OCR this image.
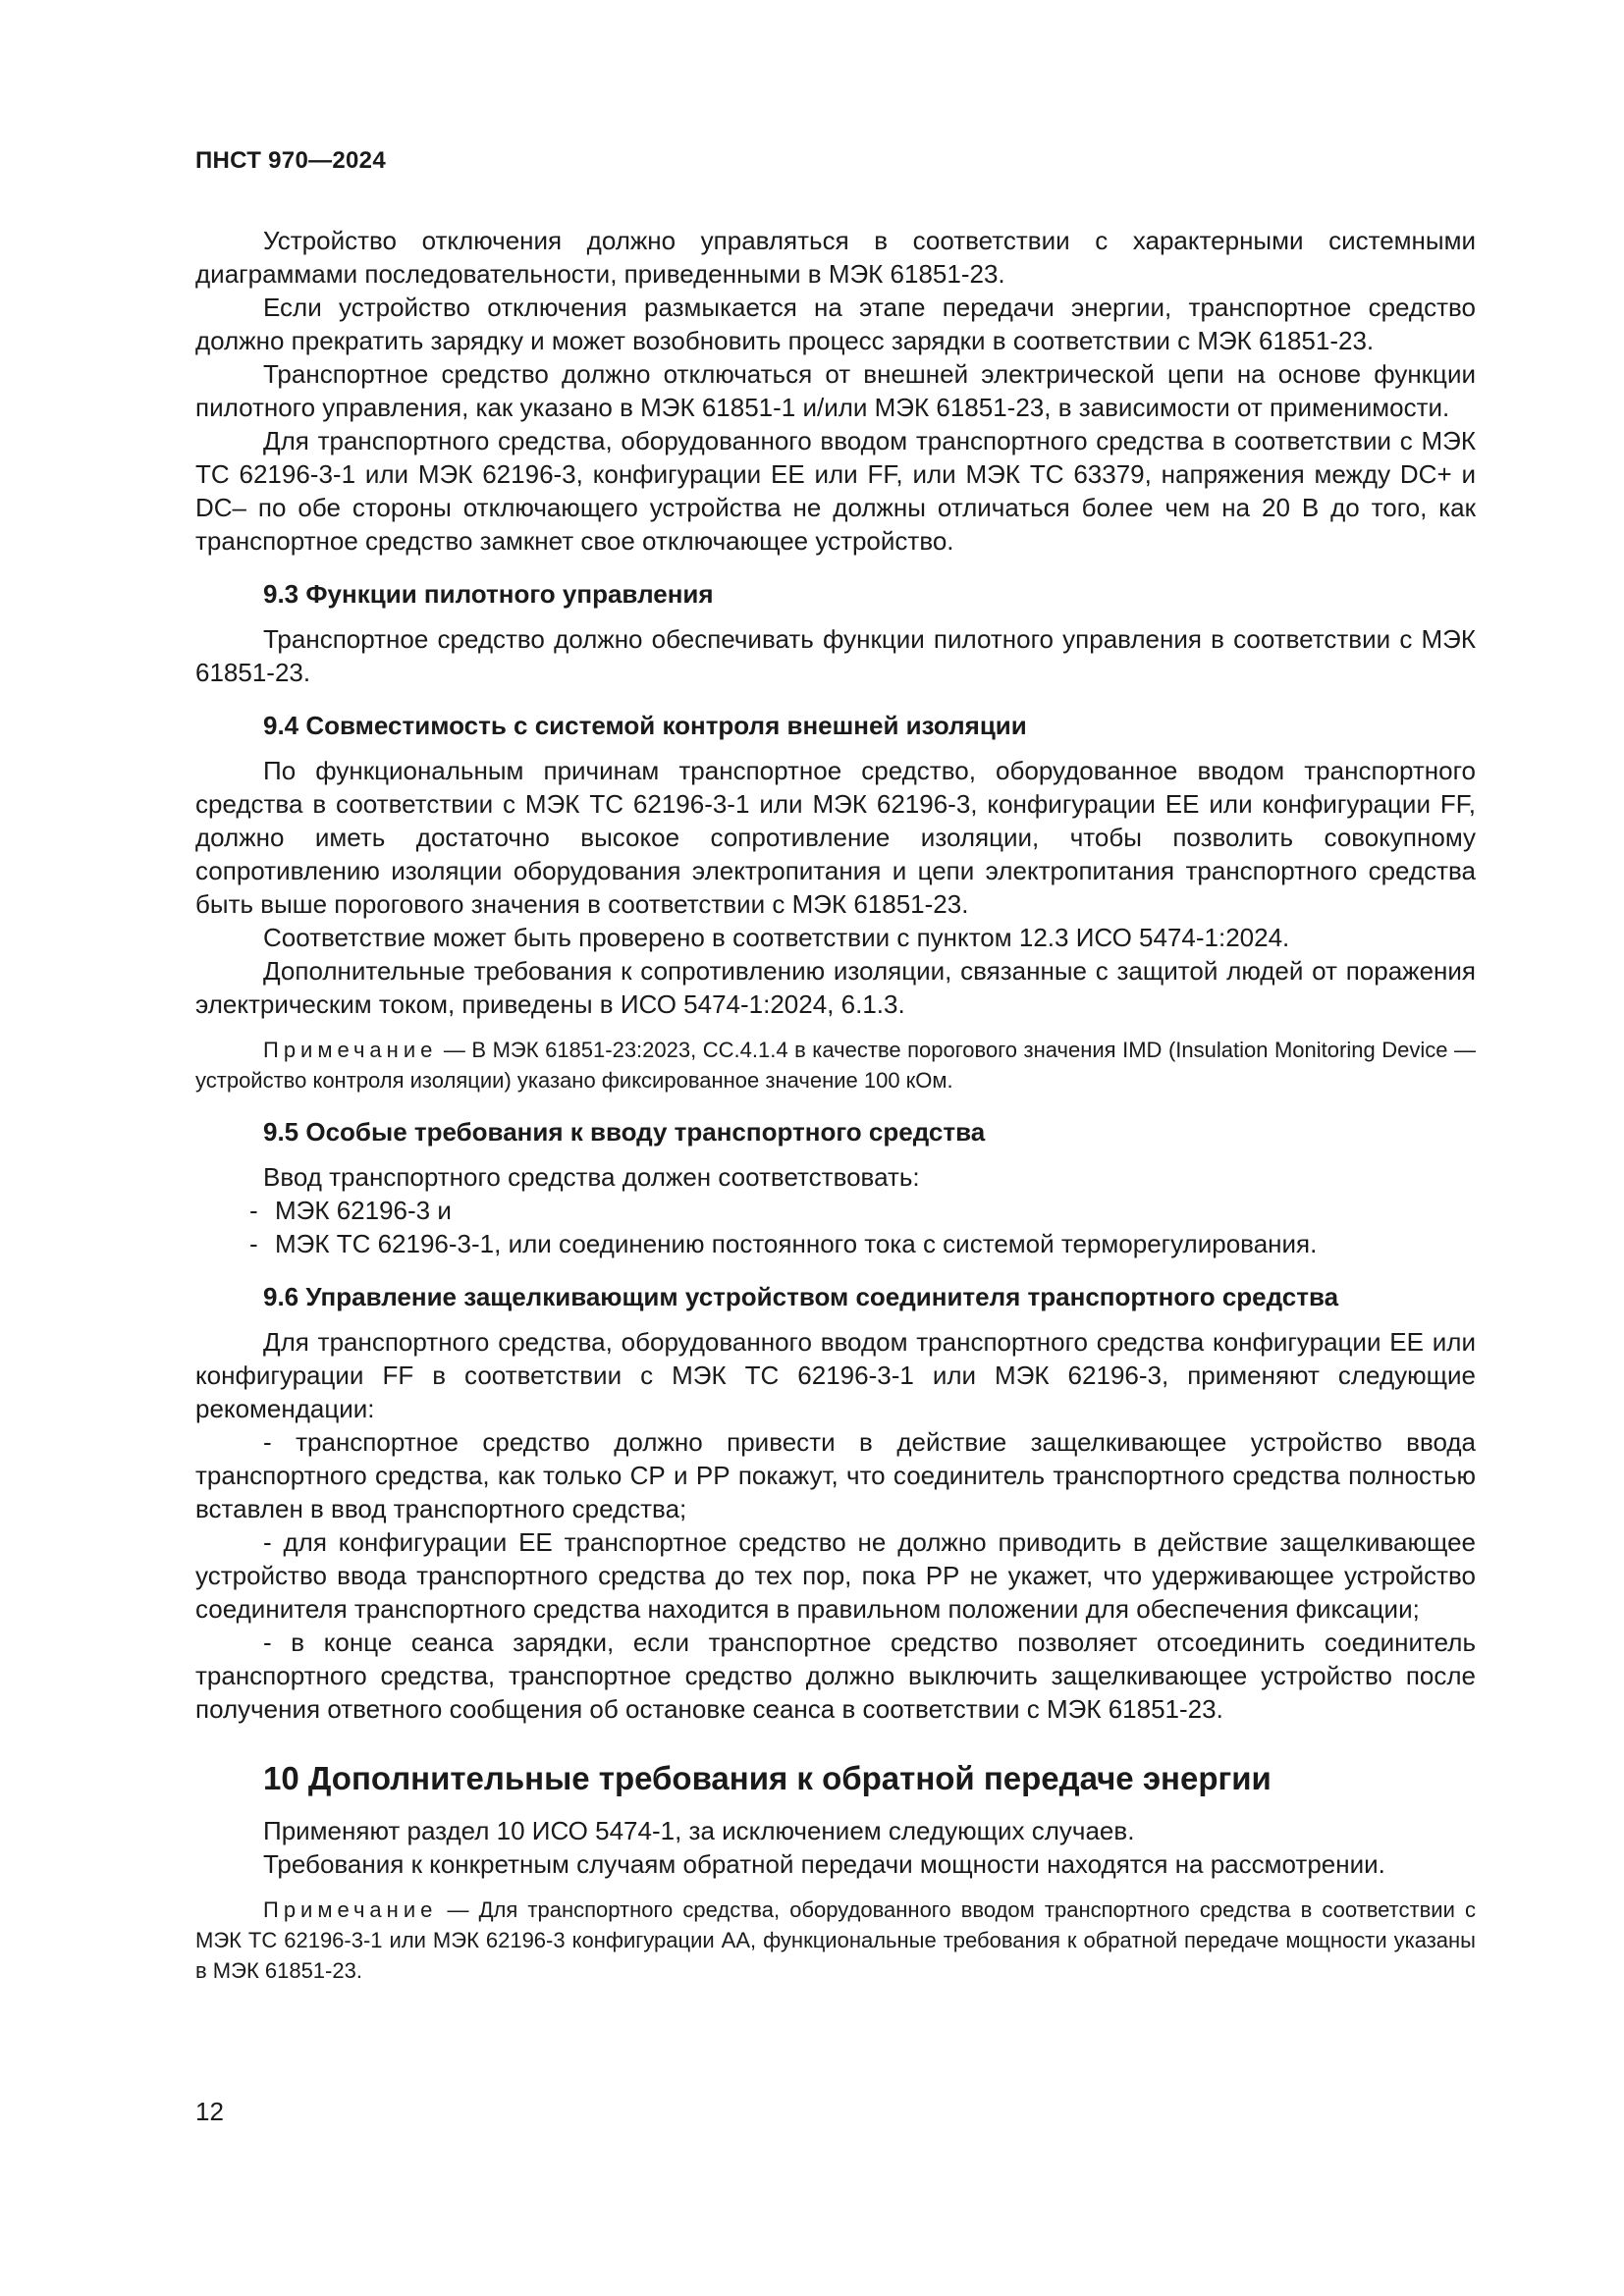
ПНСТ 970—2024

Устройство отключения должно управляться в соответствии с характерными системными диаграммами последовательности, приведенными в МЭК 61851-23.

Если устройство отключения размыкается на этапе передачи энергии, транспортное средство должно прекратить зарядку и может возобновить процесс зарядки в соответствии с МЭК 61851-23.

Транспортное средство должно отключаться от внешней электрической цепи на основе функции пилотного управления, как указано в МЭК 61851-1 и/или МЭК 61851-23, в зависимости от применимости.

Для транспортного средства, оборудованного вводом транспортного средства в соответствии с МЭК ТС 62196-3-1 или МЭК 62196-3, конфигурации ЕЕ или FF, или МЭК ТС 63379, напряжения между DC+ и DC– по обе стороны отключающего устройства не должны отличаться более чем на 20 В до того, как транспортное средство замкнет свое отключающее устройство.

9.3 Функции пилотного управления

Транспортное средство должно обеспечивать функции пилотного управления в соответствии с МЭК 61851-23.

9.4 Совместимость с системой контроля внешней изоляции

По функциональным причинам транспортное средство, оборудованное вводом транспортного средства в соответствии с МЭК ТС 62196-3-1 или МЭК 62196-3, конфигурации ЕЕ или конфигурации FF, должно иметь достаточно высокое сопротивление изоляции, чтобы позволить совокупному сопротивлению изоляции оборудования электропитания и цепи электропитания транспортного средства быть выше порогового значения в соответствии с МЭК 61851-23.

Соответствие может быть проверено в соответствии с пунктом 12.3 ИСО 5474-1:2024.

Дополнительные требования к сопротивлению изоляции, связанные с защитой людей от поражения электрическим током, приведены в ИСО 5474-1:2024, 6.1.3.

Примечание — В МЭК 61851-23:2023, СС.4.1.4 в качестве порогового значения IMD (Insulation Monitoring Device — устройство контроля изоляции) указано фиксированное значение 100 кОм.

9.5 Особые требования к вводу транспортного средства

Ввод транспортного средства должен соответствовать:

- МЭК 62196-3 и
- МЭК ТС 62196-3-1, или соединению постоянного тока с системой терморегулирования.
9.6 Управление защелкивающим устройством соединителя транспортного средства

Для транспортного средства, оборудованного вводом транспортного средства конфигурации ЕЕ или конфигурации FF в соответствии с МЭК ТС 62196-3-1 или МЭК 62196-3, применяют следующие рекомендации:

- транспортное средство должно привести в действие защелкивающее устройство ввода транспортного средства, как только СР и РР покажут, что соединитель транспортного средства полностью вставлен в ввод транспортного средства;

- для конфигурации ЕЕ транспортное средство не должно приводить в действие защелкивающее устройство ввода транспортного средства до тех пор, пока РР не укажет, что удерживающее устройство соединителя транспортного средства находится в правильном положении для обеспечения фиксации;

- в конце сеанса зарядки, если транспортное средство позволяет отсоединить соединитель транспортного средства, транспортное средство должно выключить защелкивающее устройство после получения ответного сообщения об остановке сеанса в соответствии с МЭК 61851-23.

10 Дополнительные требования к обратной передаче энергии

Применяют раздел 10 ИСО 5474-1, за исключением следующих случаев.

Требования к конкретным случаям обратной передачи мощности находятся на рассмотрении.

Примечание — Для транспортного средства, оборудованного вводом транспортного средства в соответствии с МЭК ТС 62196-3-1 или МЭК 62196-3 конфигурации АА, функциональные требования к обратной передаче мощности указаны в МЭК 61851-23.

12
